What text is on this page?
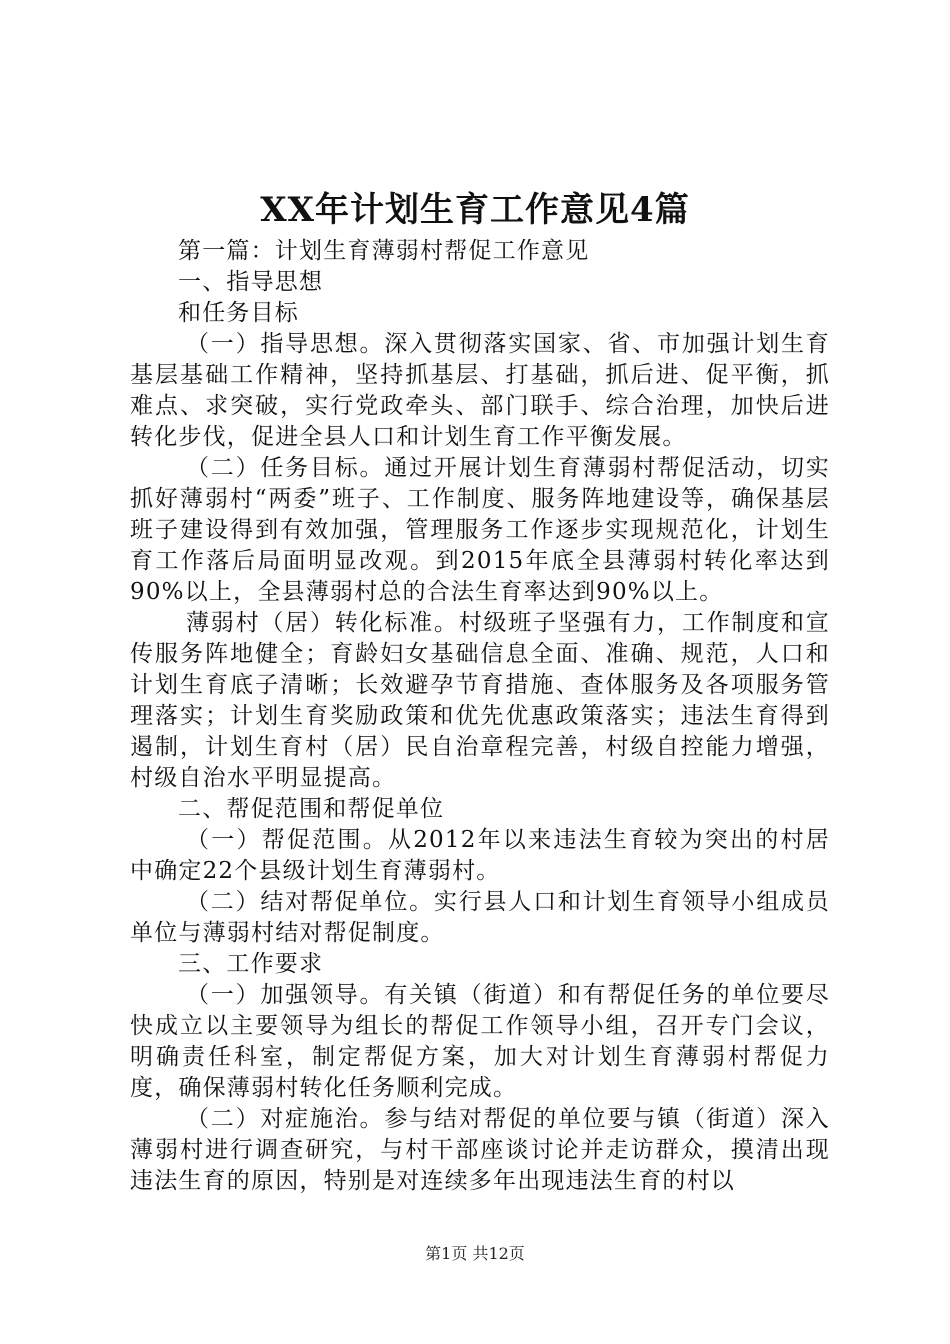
XX年计划生育工作意见4篇

第一篇：计划生育薄弱村帮促工作意见

一、指导思想

和任务目标

（一）指导思想。深入贯彻落实国家、省、市加强计划生育基层基础工作精神，坚持抓基层、打基础，抓后进、促平衡，抓难点、求突破，实行党政牵头、部门联手、综合治理，加快后进转化步伐，促进全县人口和计划生育工作平衡发展。

（二）任务目标。通过开展计划生育薄弱村帮促活动，切实抓好薄弱村“两委”班子、工作制度、服务阵地建设等，确保基层班子建设得到有效加强，管理服务工作逐步实现规范化，计划生育工作落后局面明显改观。到2015年底全县薄弱村转化率达到90%以上，全县薄弱村总的合法生育率达到90%以上。

薄弱村（居）转化标准。村级班子坚强有力，工作制度和宣传服务阵地健全；育龄妇女基础信息全面、准确、规范，人口和计划生育底子清晰；长效避孕节育措施、查体服务及各项服务管理落实；计划生育奖励政策和优先优惠政策落实；违法生育得到遏制，计划生育村（居）民自治章程完善，村级自控能力增强，村级自治水平明显提高。

二、帮促范围和帮促单位

（一）帮促范围。从2012年以来违法生育较为突出的村居中确定22个县级计划生育薄弱村。

（二）结对帮促单位。实行县人口和计划生育领导小组成员单位与薄弱村结对帮促制度。

三、工作要求

（一）加强领导。有关镇（街道）和有帮促任务的单位要尽快成立以主要领导为组长的帮促工作领导小组，召开专门会议，明确责任科室，制定帮促方案，加大对计划生育薄弱村帮促力度，确保薄弱村转化任务顺利完成。

（二）对症施治。参与结对帮促的单位要与镇（街道）深入薄弱村进行调查研究，与村干部座谈讨论并走访群众，摸清出现违法生育的原因，特别是对连续多年出现违法生育的村以

第1页 共12页
